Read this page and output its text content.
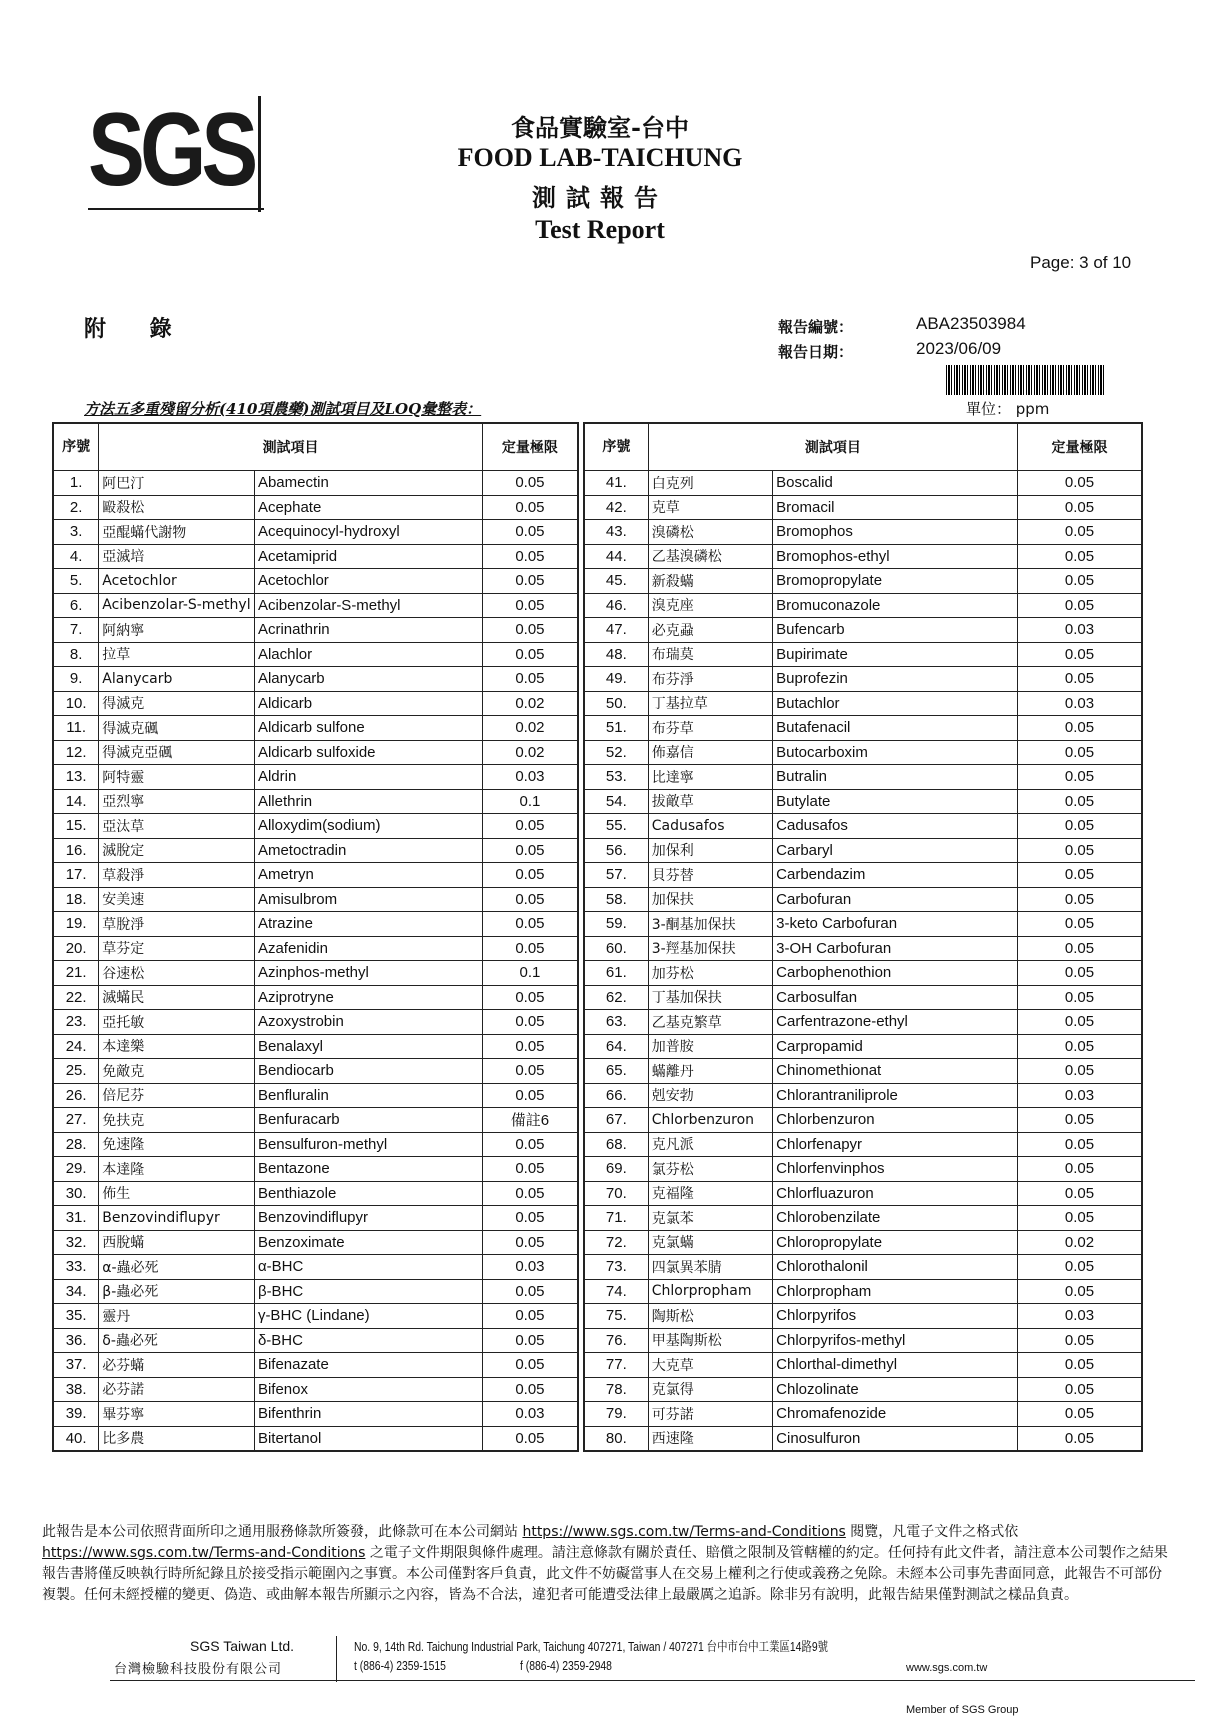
SGS	食品實驗室-台中
FOOD LAB-TAICHUNG
測試報告
Test Report
Page: 3 of 10
附 錄	報告編號：	ABA23503984
報告日期：	2023/06/09
方法五多重殘留分析(410項農藥)測試項目及LOQ彙整表：	單位： ppm
序號	測試項目		定量極限
1.	阿巴汀	Abamectin	0.05
2.	毆殺松	Acephate	0.05
3.	亞醌蟎代謝物	Acequinocyl-hydroxyl	0.05
4.	亞滅培	Acetamiprid	0.05
5.	Acetochlor	Acetochlor	0.05
6.	Acibenzolar-S-methyl	Acibenzolar-S-methyl	0.05
7.	阿納寧	Acrinathrin	0.05
8.	拉草	Alachlor	0.05
9.	Alanycarb	Alanycarb	0.05
10.	得滅克	Aldicarb	0.02
11.	得滅克碸	Aldicarb sulfone	0.02
12.	得滅克亞碸	Aldicarb sulfoxide	0.02
13.	阿特靈	Aldrin	0.03
14.	亞烈寧	Allethrin	0.1
15.	亞汰草	Alloxydim(sodium)	0.05
16.	滅脫定	Ametoctradin	0.05
17.	草殺淨	Ametryn	0.05
18.	安美速	Amisulbrom	0.05
19.	草脫淨	Atrazine	0.05
20.	草芬定	Azafenidin	0.05
21.	谷速松	Azinphos-methyl	0.1
22.	滅蟎民	Aziprotryne	0.05
23.	亞托敏	Azoxystrobin	0.05
24.	本達樂	Benalaxyl	0.05
25.	免敵克	Bendiocarb	0.05
26.	倍尼芬	Benfluralin	0.05
27.	免扶克	Benfuracarb	備註6
28.	免速隆	Bensulfuron-methyl	0.05
29.	本達隆	Bentazone	0.05
30.	佈生	Benthiazole	0.05
31.	Benzovindiflupyr	Benzovindiflupyr	0.05
32.	西脫蟎	Benzoximate	0.05
33.	α-蟲必死	α-BHC	0.03
34.	β-蟲必死	β-BHC	0.05
35.	靈丹	γ-BHC (Lindane)	0.05
36.	δ-蟲必死	δ-BHC	0.05
37.	必芬蟎	Bifenazate	0.05
38.	必芬諾	Bifenox	0.05
39.	畢芬寧	Bifenthrin	0.03
40.	比多農	Bitertanol	0.05
序號	測試項目		定量極限
41.	白克列	Boscalid	0.05
42.	克草	Bromacil	0.05
43.	溴磷松	Bromophos	0.05
44.	乙基溴磷松	Bromophos-ethyl	0.05
45.	新殺蟎	Bromopropylate	0.05
46.	溴克座	Bromuconazole	0.05
47.	必克蝨	Bufencarb	0.03
48.	布瑞莫	Bupirimate	0.05
49.	布芬淨	Buprofezin	0.05
50.	丁基拉草	Butachlor	0.03
51.	布芬草	Butafenacil	0.05
52.	佈嘉信	Butocarboxim	0.05
53.	比達寧	Butralin	0.05
54.	拔敵草	Butylate	0.05
55.	Cadusafos	Cadusafos	0.05
56.	加保利	Carbaryl	0.05
57.	貝芬替	Carbendazim	0.05
58.	加保扶	Carbofuran	0.05
59.	3-酮基加保扶	3-keto Carbofuran	0.05
60.	3-羥基加保扶	3-OH Carbofuran	0.05
61.	加芬松	Carbophenothion	0.05
62.	丁基加保扶	Carbosulfan	0.05
63.	乙基克繁草	Carfentrazone-ethyl	0.05
64.	加普胺	Carpropamid	0.05
65.	蟎離丹	Chinomethionat	0.05
66.	剋安勃	Chlorantraniliprole	0.03
67.	Chlorbenzuron	Chlorbenzuron	0.05
68.	克凡派	Chlorfenapyr	0.05
69.	氯芬松	Chlorfenvinphos	0.05
70.	克福隆	Chlorfluazuron	0.05
71.	克氯苯	Chlorobenzilate	0.05
72.	克氯蟎	Chloropropylate	0.02
73.	四氯異苯腈	Chlorothalonil	0.05
74.	Chlorpropham	Chlorpropham	0.05
75.	陶斯松	Chlorpyrifos	0.03
76.	甲基陶斯松	Chlorpyrifos-methyl	0.05
77.	大克草	Chlorthal-dimethyl	0.05
78.	克氯得	Chlozolinate	0.05
79.	可芬諾	Chromafenozide	0.05
80.	西速隆	Cinosulfuron	0.05
此報告是本公司依照背面所印之通用服務條款所簽發，此條款可在本公司網站 https://www.sgs.com.tw/Terms-and-Conditions 閱覽，凡電子文件之格式依
https://www.sgs.com.tw/Terms-and-Conditions 之電子文件期限與條件處理。請注意條款有關於責任、賠償之限制及管轄權的約定。任何持有此文件者，請注意本公司製作之結果報告書將僅反映執行時所紀錄且於接受指示範圍內之事實。本公司僅對客戶負責，此文件不妨礙當事人在交易上權利之行使或義務之免除。未經本公司事先書面同意，此報告不可部份複製。任何未經授權的變更、偽造、或曲解本報告所顯示之內容，皆為不合法，違犯者可能遭受法律上最嚴厲之追訴。除非另有說明，此報告結果僅對測試之樣品負責。
SGS Taiwan Ltd.
台灣檢驗科技股份有限公司
No. 9, 14th Rd. Taichung Industrial Park, Taichung 407271, Taiwan / 407271 台中市台中工業區14路9號
t (886-4) 2359-1515	f (886-4) 2359-2948	www.sgs.com.tw
Member of SGS Group
